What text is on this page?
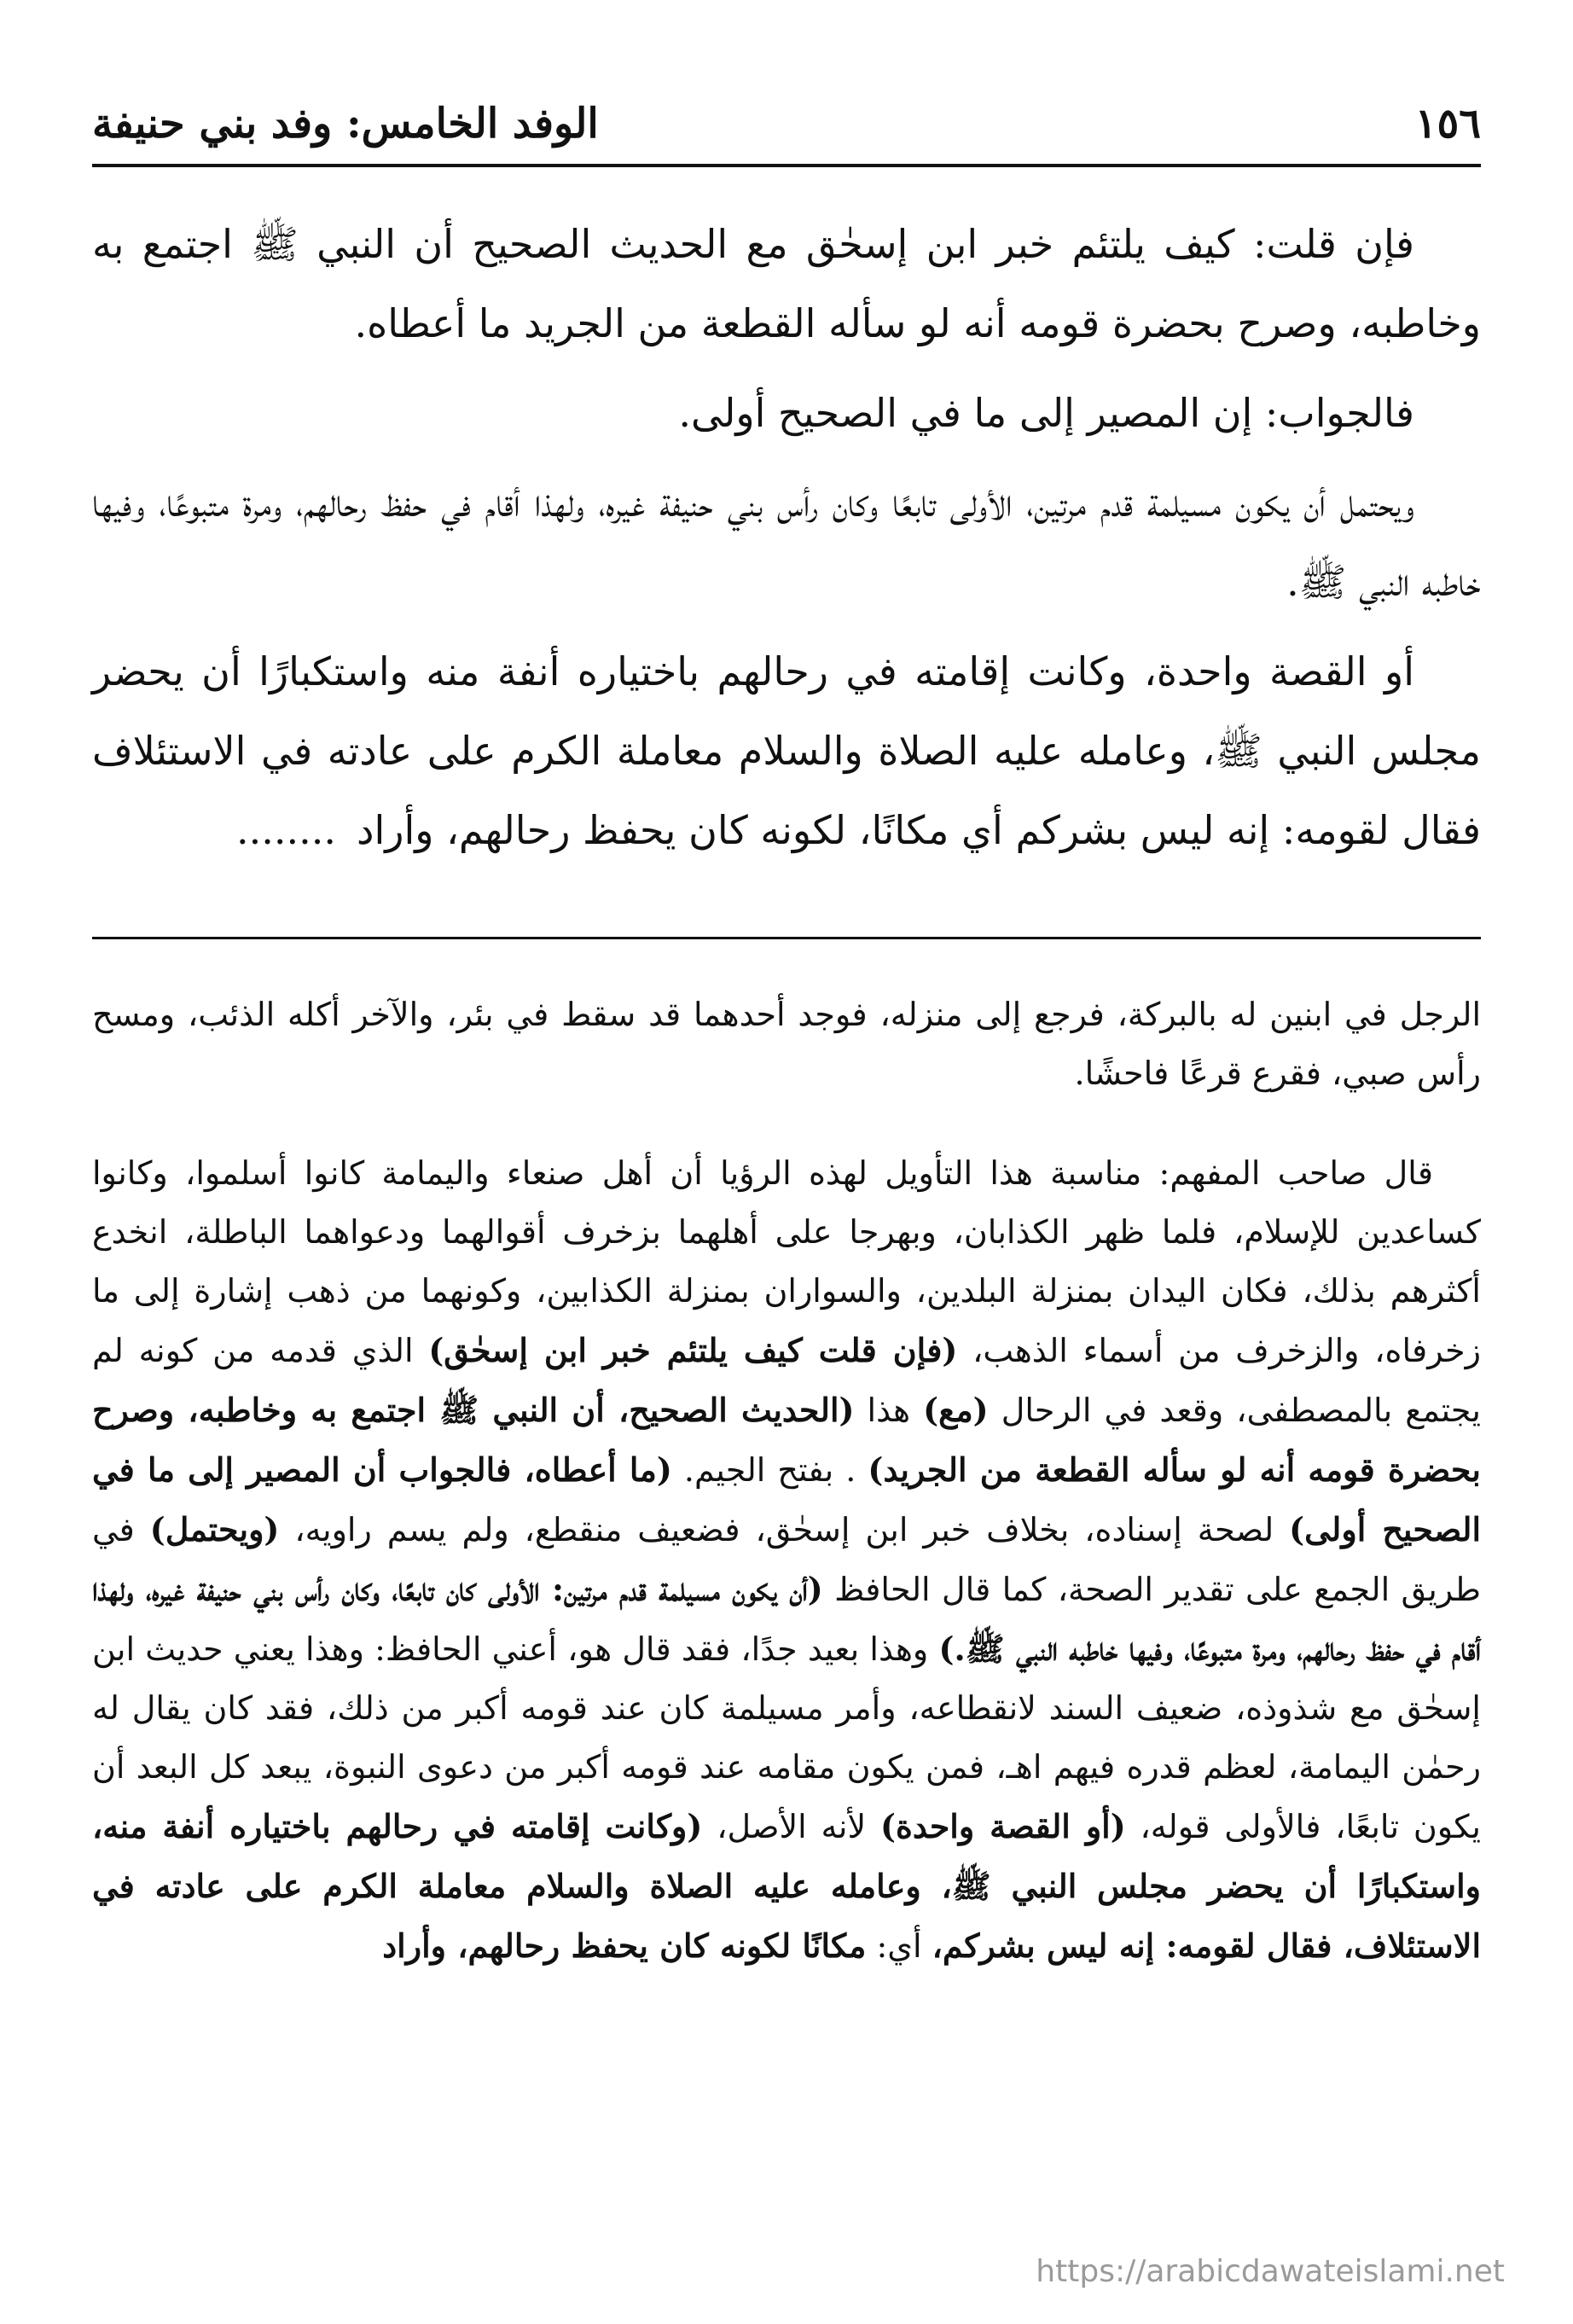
١٥٦
الوفد الخامس: وفد بني حنيفة

فإن قلت: كيف يلتئم خبر ابن إسحٰق مع الحديث الصحيح أن النبي ﷺ اجتمع به وخاطبه، وصرح بحضرة قومه أنه لو سأله القطعة من الجريد ما أعطاه.

فالجواب: إن المصير إلى ما في الصحيح أولى.

ويحتمل أن يكون مسيلمة قدم مرتين، الأولى تابعًا وكان رأس بني حنيفة غيره، ولهذا أقام في حفظ رحالهم، ومرة متبوعًا، وفيها خاطبه النبي ﷺ.

أو القصة واحدة، وكانت إقامته في رحالهم باختياره أنفة منه واستكبارًا أن يحضر مجلس النبي ﷺ، وعامله عليه الصلاة والسلام معاملة الكرم على عادته في الاستئلاف فقال لقومه: إنه ليس بشركم أي مكانًا، لكونه كان يحفظ رحالهم، وأراد........

الرجل في ابنين له بالبركة، فرجع إلى منزله، فوجد أحدهما قد سقط في بئر، والآخر أكله الذئب، ومسح رأس صبي، فقرع قرعًا فاحشًا.

قال صاحب المفهم: مناسبة هذا التأويل لهذه الرؤيا أن أهل صنعاء واليمامة كانوا أسلموا، وكانوا كساعدين للإسلام، فلما ظهر الكذابان، وبهرجا على أهلهما بزخرف أقوالهما ودعواهما الباطلة، انخدع أكثرهم بذلك، فكان اليدان بمنزلة البلدين، والسواران بمنزلة الكذابين، وكونهما من ذهب إشارة إلى ما زخرفاه، والزخرف من أسماء الذهب، (فإن قلت كيف يلتئم خبر ابن إسحٰق) الذي قدمه من كونه لم يجتمع بالمصطفى، وقعد في الرحال (مع) هذا (الحديث الصحيح، أن النبي ﷺ اجتمع به وخاطبه، وصرح بحضرة قومه أنه لو سأله القطعة من الجريد) . بفتح الجيم. (ما أعطاه، فالجواب أن المصير إلى ما في الصحيح أولى) لصحة إسناده، بخلاف خبر ابن إسحٰق، فضعيف منقطع، ولم يسم راويه، (ويحتمل) في طريق الجمع على تقدير الصحة، كما قال الحافظ (أن يكون مسيلمة قدم مرتين: الأولى كان تابعًا، وكان رأس بني حنيفة غيره، ولهذا أقام في حفظ رحالهم، ومرة متبوعًا، وفيها خاطبه النبي ﷺ.) وهذا بعيد جدًا، فقد قال هو، أعني الحافظ: وهذا يعني حديث ابن إسحٰق مع شذوذه، ضعيف السند لانقطاعه، وأمر مسيلمة كان عند قومه أكبر من ذلك، فقد كان يقال له رحمٰن اليمامة، لعظم قدره فيهم اهـ، فمن يكون مقامه عند قومه أكبر من دعوى النبوة، يبعد كل البعد أن يكون تابعًا، فالأولى قوله، (أو القصة واحدة) لأنه الأصل، (وكانت إقامته في رحالهم باختياره أنفة منه، واستكبارًا أن يحضر مجلس النبي ﷺ، وعامله عليه الصلاة والسلام معاملة الكرم على عادته في الاستئلاف، فقال لقومه: إنه ليس بشركم، أي: مكانًا لكونه كان يحفظ رحالهم، وأراد

https://arabicdawateislami.net
